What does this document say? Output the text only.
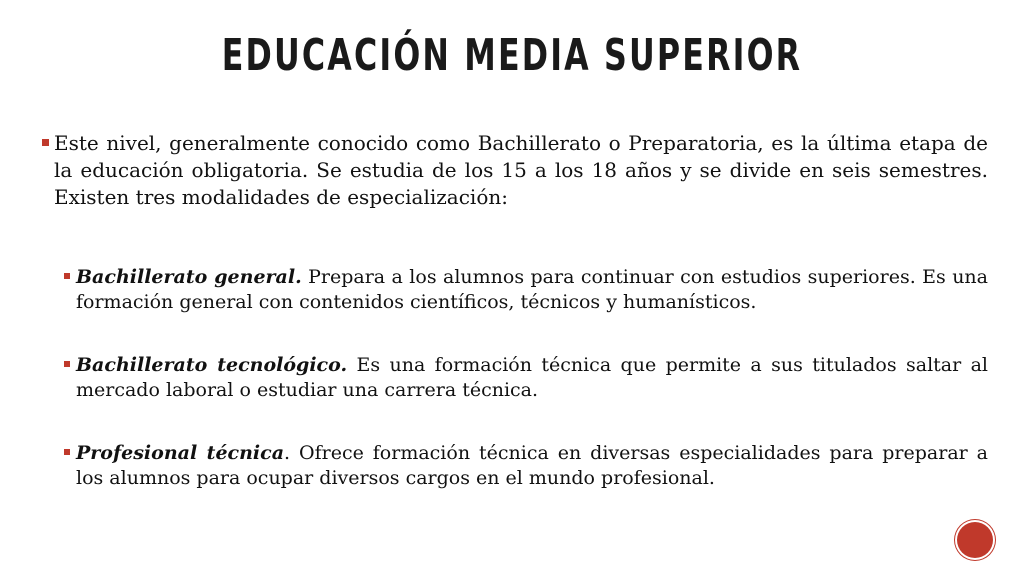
EDUCACIÓN MEDIA SUPERIOR
Este nivel, generalmente conocido como Bachillerato o Preparatoria, es la última etapa de la educación obligatoria. Se estudia de los 15 a los 18 años y se divide en seis semestres. Existen tres modalidades de especialización:
Bachillerato general. Prepara a los alumnos para continuar con estudios superiores. Es una formación general con contenidos científicos, técnicos y humanísticos.
Bachillerato tecnológico. Es una formación técnica que permite a sus titulados saltar al mercado laboral o estudiar una carrera técnica.
Profesional técnica. Ofrece formación técnica en diversas especialidades para preparar a los alumnos para ocupar diversos cargos en el mundo profesional.
